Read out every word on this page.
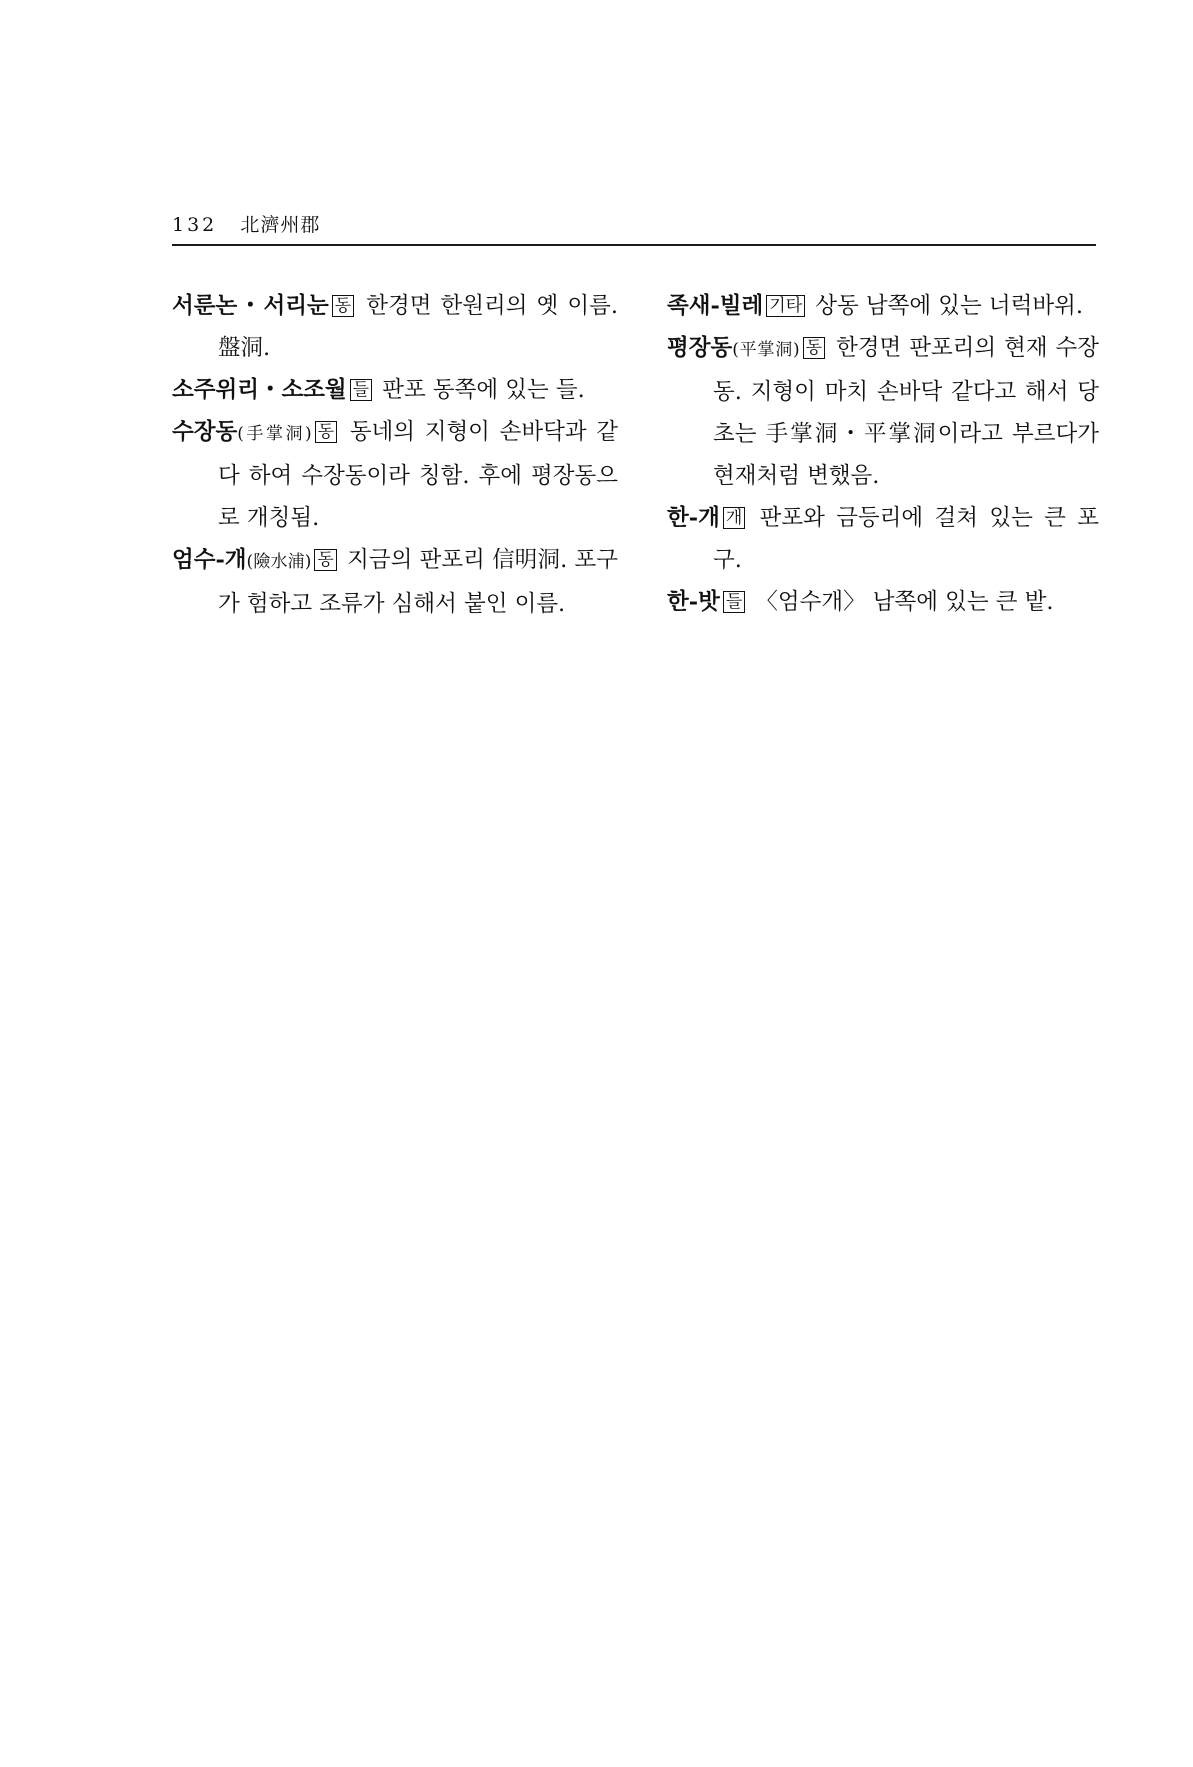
132 北濟州郡

서룬논・서리눈 동 한경면 한원리의 옛 이름. 盤洞.

소주위리・소조월 들 판포 동쪽에 있는 들.

수장동(手掌洞) 동 동네의 지형이 손바닥과 같다 하여 수장동이라 칭함. 후에 평장동으로 개칭됨.

엄수-개(險水浦) 동 지금의 판포리 信明洞. 포구가 험하고 조류가 심해서 붙인 이름.

족새-빌레 기타 상동 남쪽에 있는 너럭바위.

평장동(平掌洞) 동 한경면 판포리의 현재 수장동. 지형이 마치 손바닥 같다고 해서 당초는 手掌洞・平掌洞이라고 부르다가 현재처럼 변했음.

한-개 개 판포와 금등리에 걸쳐 있는 큰 포구.

한-밧 들 〈엄수개〉 남쪽에 있는 큰 밭.
